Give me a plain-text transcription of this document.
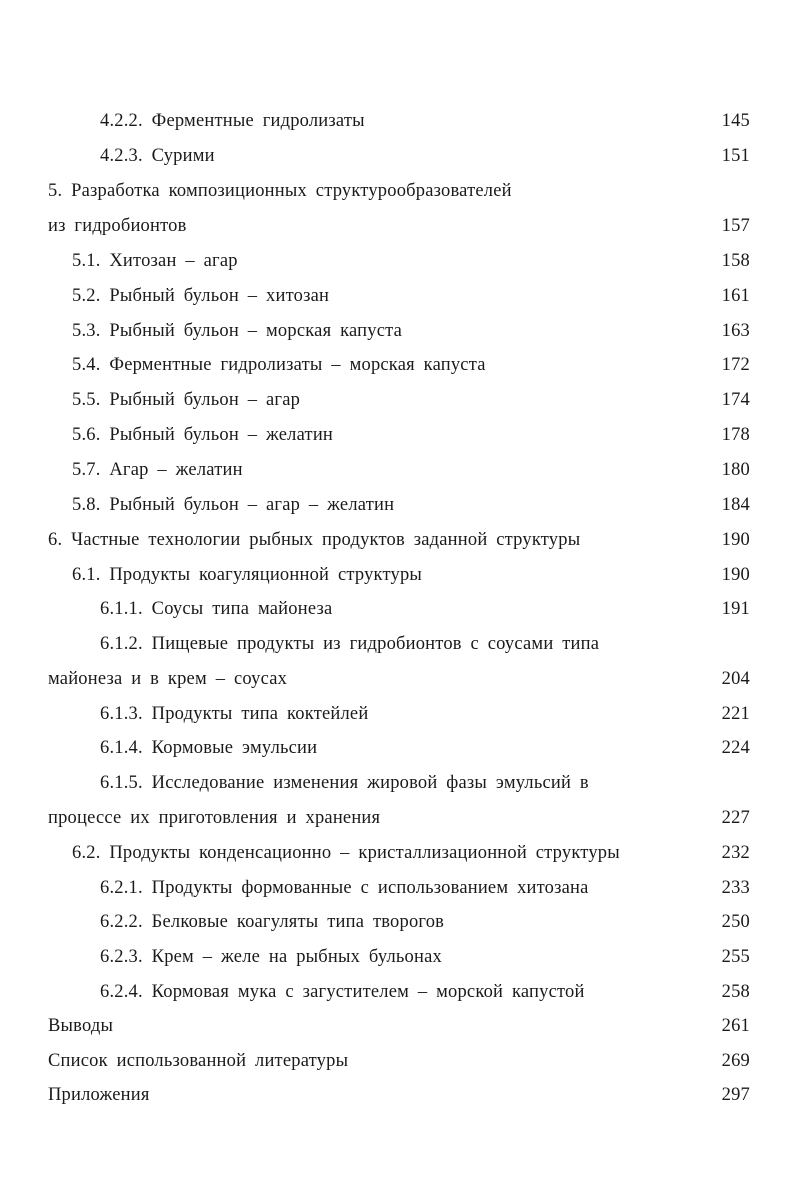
4.2.2. Ферментные гидролизаты	145
4.2.3. Сурими	151
5. Разработка композиционных структурообразователей
из гидробионтов	157
5.1. Хитозан – агар	158
5.2. Рыбный бульон – хитозан	161
5.3. Рыбный бульон – морская капуста	163
5.4. Ферментные гидролизаты – морская капуста	172
5.5. Рыбный бульон – агар	174
5.6. Рыбный бульон – желатин	178
5.7. Агар – желатин	180
5.8. Рыбный бульон – агар – желатин	184
6. Частные технологии рыбных продуктов заданной структуры	190
6.1. Продукты коагуляционной структуры	190
6.1.1. Соусы типа майонеза	191
6.1.2. Пищевые продукты из гидробионтов с соусами типа
майонеза и в крем – соусах	204
6.1.3. Продукты типа коктейлей	221
6.1.4. Кормовые эмульсии	224
6.1.5. Исследование изменения жировой фазы эмульсий в
процессе их приготовления и хранения	227
6.2. Продукты конденсационно – кристаллизационной структуры	232
6.2.1. Продукты формованные с использованием хитозана	233
6.2.2. Белковые коагуляты типа творогов	250
6.2.3. Крем – желе на рыбных бульонах	255
6.2.4. Кормовая мука с загустителем – морской капустой	258
Выводы	261
Список использованной литературы	269
Приложения	297
